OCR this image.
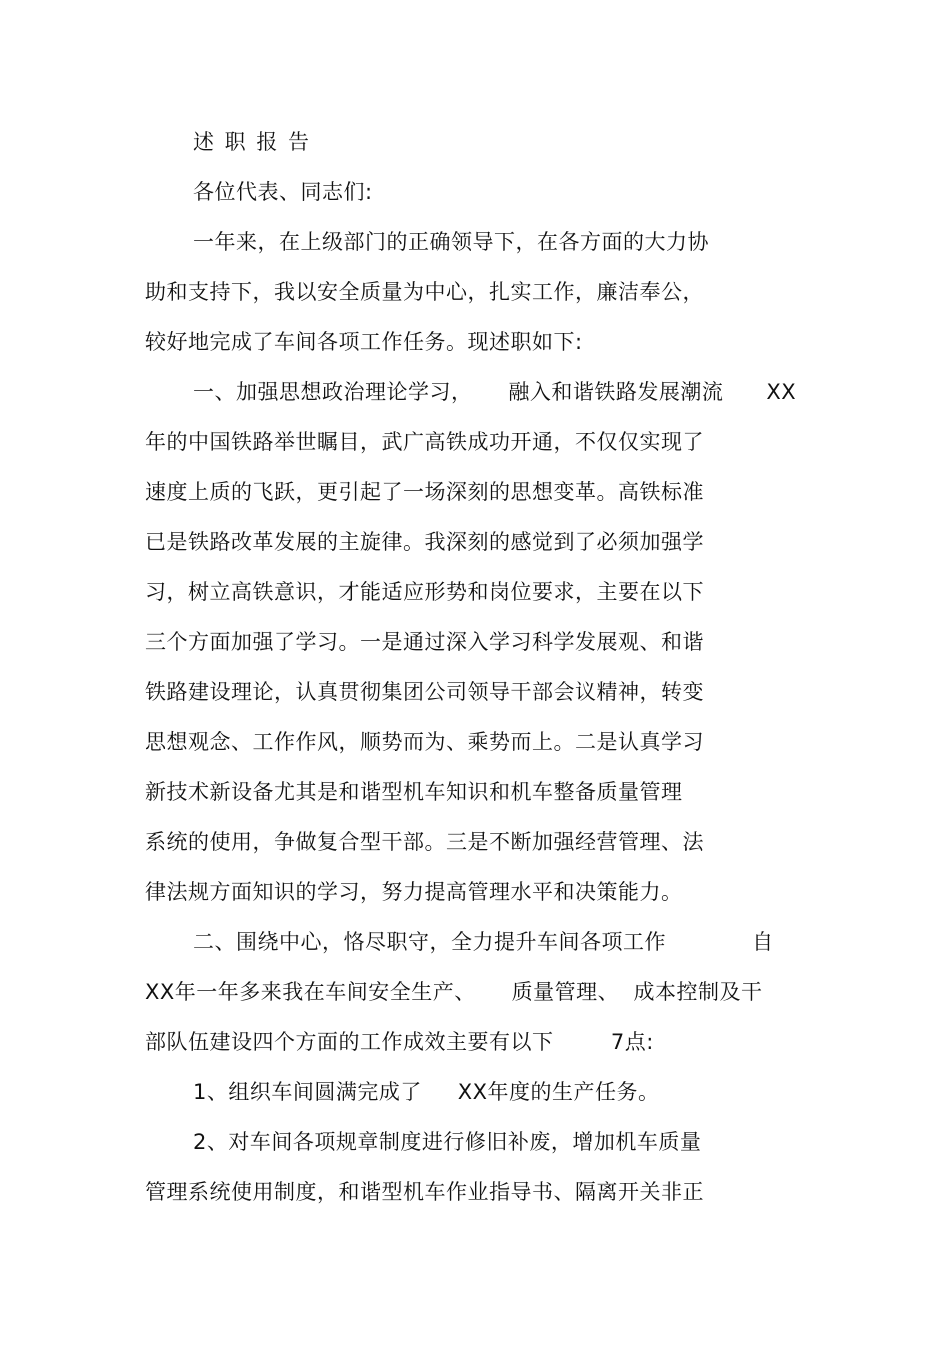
述 职 报 告
各位代表、同志们:
一年来，在上级部门的正确领导下，在各方面的大力协
助和支持下，我以安全质量为中心，扎实工作，廉洁奉公，
较好地完成了车间各项工作任务。现述职如下:
一、加强思想政治理论学习，     融入和谐铁路发展潮流      XX
年的中国铁路举世瞩目，武广高铁成功开通，不仅仅实现了
速度上质的飞跃，更引起了一场深刻的思想变革。高铁标准
已是铁路改革发展的主旋律。我深刻的感觉到了必须加强学
习，树立高铁意识，才能适应形势和岗位要求，主要在以下
三个方面加强了学习。一是通过深入学习科学发展观、和谐
铁路建设理论，认真贯彻集团公司领导干部会议精神，转变
思想观念、工作作风，顺势而为、乘势而上。二是认真学习
新技术新设备尤其是和谐型机车知识和机车整备质量管理
系统的使用，争做复合型干部。三是不断加强经营管理、法
律法规方面知识的学习，努力提高管理水平和决策能力。
二、围绕中心，恪尽职守，全力提升车间各项工作            自
XX年一年多来我在车间安全生产、     质量管理、  成本控制及干
部队伍建设四个方面的工作成效主要有以下        7点:
1、组织车间圆满完成了     XX年度的生产任务。
2、对车间各项规章制度进行修旧补废，增加机车质量
管理系统使用制度，和谐型机车作业指导书、隔离开关非正
